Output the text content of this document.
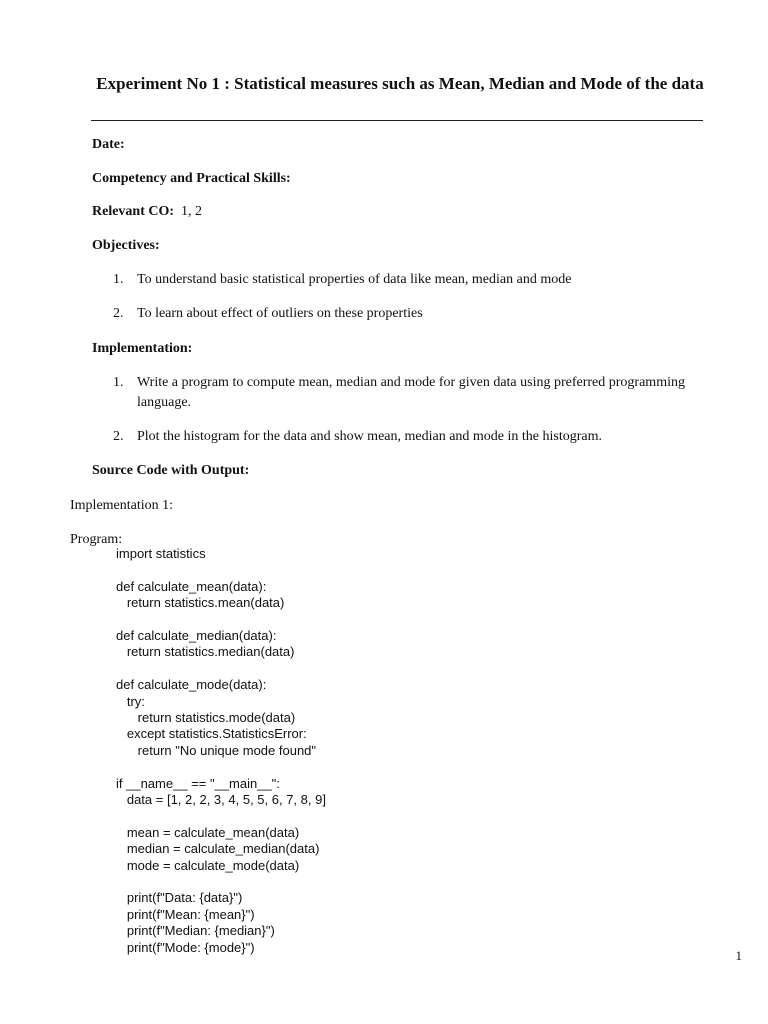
Experiment No 1 : Statistical measures such as Mean, Median and Mode of the data
Date:
Competency and Practical Skills:
Relevant CO: 1, 2
Objectives:
1. To understand basic statistical properties of data like mean, median and mode
2. To learn about effect of outliers on these properties
Implementation:
1. Write a program to compute mean, median and mode for given data using preferred programming language.
2. Plot the histogram for the data and show mean, median and mode in the histogram.
Source Code with Output:
Implementation 1:
Program:
import statistics
def calculate_mean(data):
return statistics.mean(data)
def calculate_median(data):
return statistics.median(data)
def calculate_mode(data):
try:
return statistics.mode(data)
except statistics.StatisticsError:
return "No unique mode found"
if __name__ == "__main__":
data = [1, 2, 2, 3, 4, 5, 5, 6, 7, 8, 9]
mean = calculate_mean(data)
median = calculate_median(data)
mode = calculate_mode(data)
print(f"Data: {data}")
print(f"Mean: {mean}")
print(f"Median: {median}")
print(f"Mode: {mode}")
1
